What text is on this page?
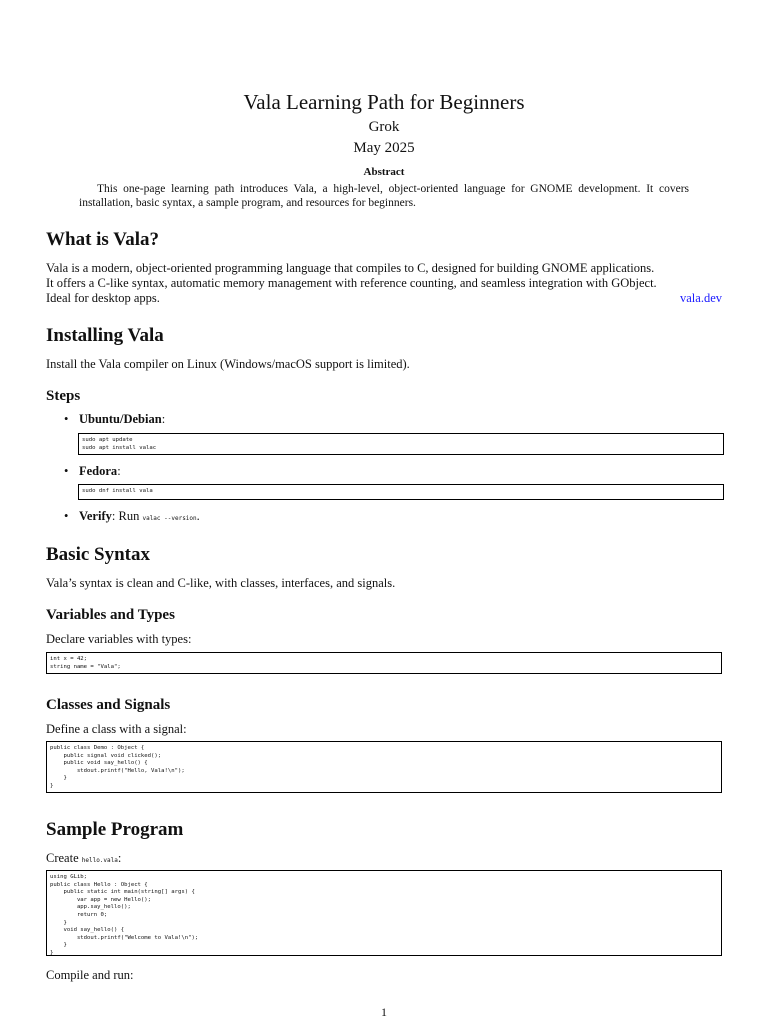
Vala Learning Path for Beginners
Grok
May 2025
Abstract
This one-page learning path introduces Vala, a high-level, object-oriented language for GNOME development. It covers installation, basic syntax, a sample program, and resources for beginners.
What is Vala?
Vala is a modern, object-oriented programming language that compiles to C, designed for building GNOME applications.
It offers a C-like syntax, automatic memory management with reference counting, and seamless integration with GObject.
Ideal for desktop apps.	vala.dev
Installing Vala
Install the Vala compiler on Linux (Windows/macOS support is limited).
Steps
• Ubuntu/Debian:
sudo apt update
sudo apt install valac
• Fedora:
sudo dnf install vala
• Verify: Run valac --version.
Basic Syntax
Vala’s syntax is clean and C-like, with classes, interfaces, and signals.
Variables and Types
Declare variables with types:
int x = 42;
string name = "Vala";
Classes and Signals
Define a class with a signal:
public class Demo : Object {
public signal void clicked();
public void say_hello() {
stdout.printf("Hello, Vala!\n");
}
}
Sample Program
Create hello.vala:
using GLib;
public class Hello : Object {
public static int main(string[] args) {
var app = new Hello();
app.say_hello();
return 0;
}
void say_hello() {
stdout.printf("Welcome to Vala!\n");
}
}
Compile and run:
1
